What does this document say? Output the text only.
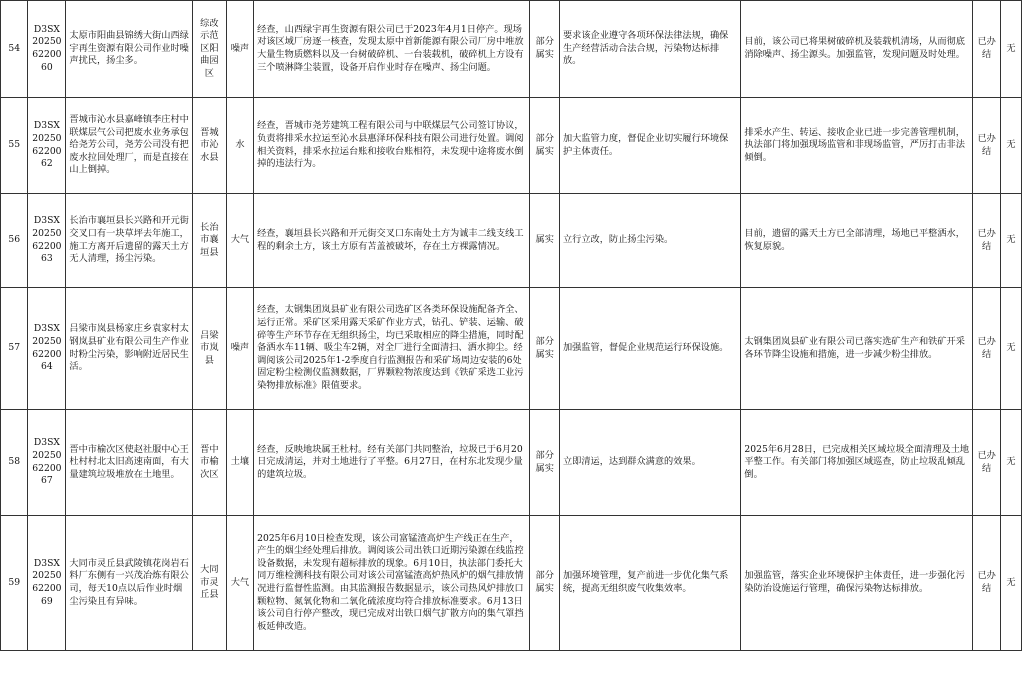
54	D3SX202506220060	太原市阳曲县锦绣大街山西绿宇再生资源有限公司作业时噪声扰民，扬尘多。	综改示范区阳曲园区	噪声	经查，山西绿宇再生资源有限公司已于2023年4月1日停产。现场对该区域厂房逐一核查，发现太原中首新能源有限公司厂房中堆放大量生物质燃料以及一台树破碎机、一台装载机，破碎机上方设有三个喷淋降尘装置，设备开启作业时存在噪声、扬尘问题。	部分属实	要求该企业遵守各项环保法律法规，确保生产经营活动合法合规，污染物达标排放。	目前，该公司已将果树破碎机及装载机清场，从而彻底消除噪声、扬尘源头。加强监管，发现问题及时处理。	已办结	无
55	D3SX202506220062	晋城市沁水县嘉峰镇李庄村中联煤层气公司把废水业务承包给尧芳公司，尧芳公司没有把废水拉回处理厂，而是直接在山上倒掉。	晋城市沁水县	水	经查，晋城市尧芳建筑工程有限公司与中联煤层气公司签订协议，负责将排采水拉运至沁水县惠泽环保科技有限公司进行处置。调阅相关资料，排采水拉运台账和接收台账相符，未发现中途将废水倒掉的违法行为。	部分属实	加大监管力度，督促企业切实履行环境保护主体责任。	排采水产生、转运、接收企业已进一步完善管理机制，执法部门将加强现场监管和非现场监管，严厉打击非法倾倒。	已办结	无
56	D3SX202506220063	长治市襄垣县长兴路和开元街交叉口有一块草坪去年施工，施工方离开后遗留的露天土方无人清理，扬尘污染。	长治市襄垣县	大气	经查，襄垣县长兴路和开元街交叉口东南处土方为诚丰二线支线工程的剩余土方，该土方原有苫盖被破坏，存在土方裸露情况。	属实	立行立改，防止扬尘污染。	目前，遗留的露天土方已全部清理，场地已平整洒水，恢复原貌。	已办结	无
57	D3SX202506220064	吕梁市岚县杨家庄乡袁家村太钢岚县矿业有限公司生产作业时粉尘污染，影响附近居民生活。	吕梁市岚县	噪声	经查，太钢集团岚县矿业有限公司选矿区各类环保设施配备齐全、运行正常。采矿区采用露天采矿作业方式，钻孔、铲装、运输、破碎等生产环节存在无组织扬尘，均已采取相应的降尘措施，同时配备洒水车11辆、吸尘车2辆，对全厂进行全面清扫、洒水抑尘。经调阅该公司2025年1-2季度自行监测报告和采矿场周边安装的6处固定粉尘检测仪监测数据，厂界颗粒物浓度达到《铁矿采选工业污染物排放标准》限值要求。	部分属实	加强监管，督促企业规范运行环保设施。	太钢集团岚县矿业有限公司已落实选矿生产和铁矿开采各环节降尘设施和措施，进一步减少粉尘排放。	已办结	无
58	D3SX202506220067	晋中市榆次区使赵社服中心王杜村村北太旧高速南面，有大量建筑垃圾堆放在土地里。	晋中市榆次区	土壤	经查，反映地块属王杜村。经有关部门共同整治，垃圾已于6月20日完成清运，并对土地进行了平整。6月27日，在村东北发现少量的建筑垃圾。	部分属实	立即清运，达到群众满意的效果。	2025年6月28日，已完成相关区域垃圾全面清理及土地平整工作。有关部门将加强区域巡查，防止垃圾乱倾乱倒。	已办结	无
59	D3SX202506220069	大同市灵丘县武陵镇花岗岩石料厂东侧有一兴茂冶炼有限公司，每天10点以后作业时烟尘污染且有异味。	大同市灵丘县	大气	2025年6月10日检查发现，该公司富锰渣高炉生产线正在生产，产生的烟尘经处理后排放。调阅该公司出铁口近期污染源在线监控设备数据，未发现有超标排放的现象。6月10日，执法部门委托大同万维检测科技有限公司对该公司富锰渣高炉热风炉的烟气排放情况进行监督性监测。由其监测报告数据显示，该公司热风炉排放口颗粒物、氮氧化物和二氧化硫浓度均符合排放标准要求。6月13日该公司自行停产整改，现已完成对出铁口烟气扩散方向的集气罩挡板延伸改造。	部分属实	加强环境管理，复产前进一步优化集气系统，提高无组织废气收集效率。	加强监管，落实企业环境保护主体责任，进一步强化污染防治设施运行管理，确保污染物达标排放。	已办结	无
